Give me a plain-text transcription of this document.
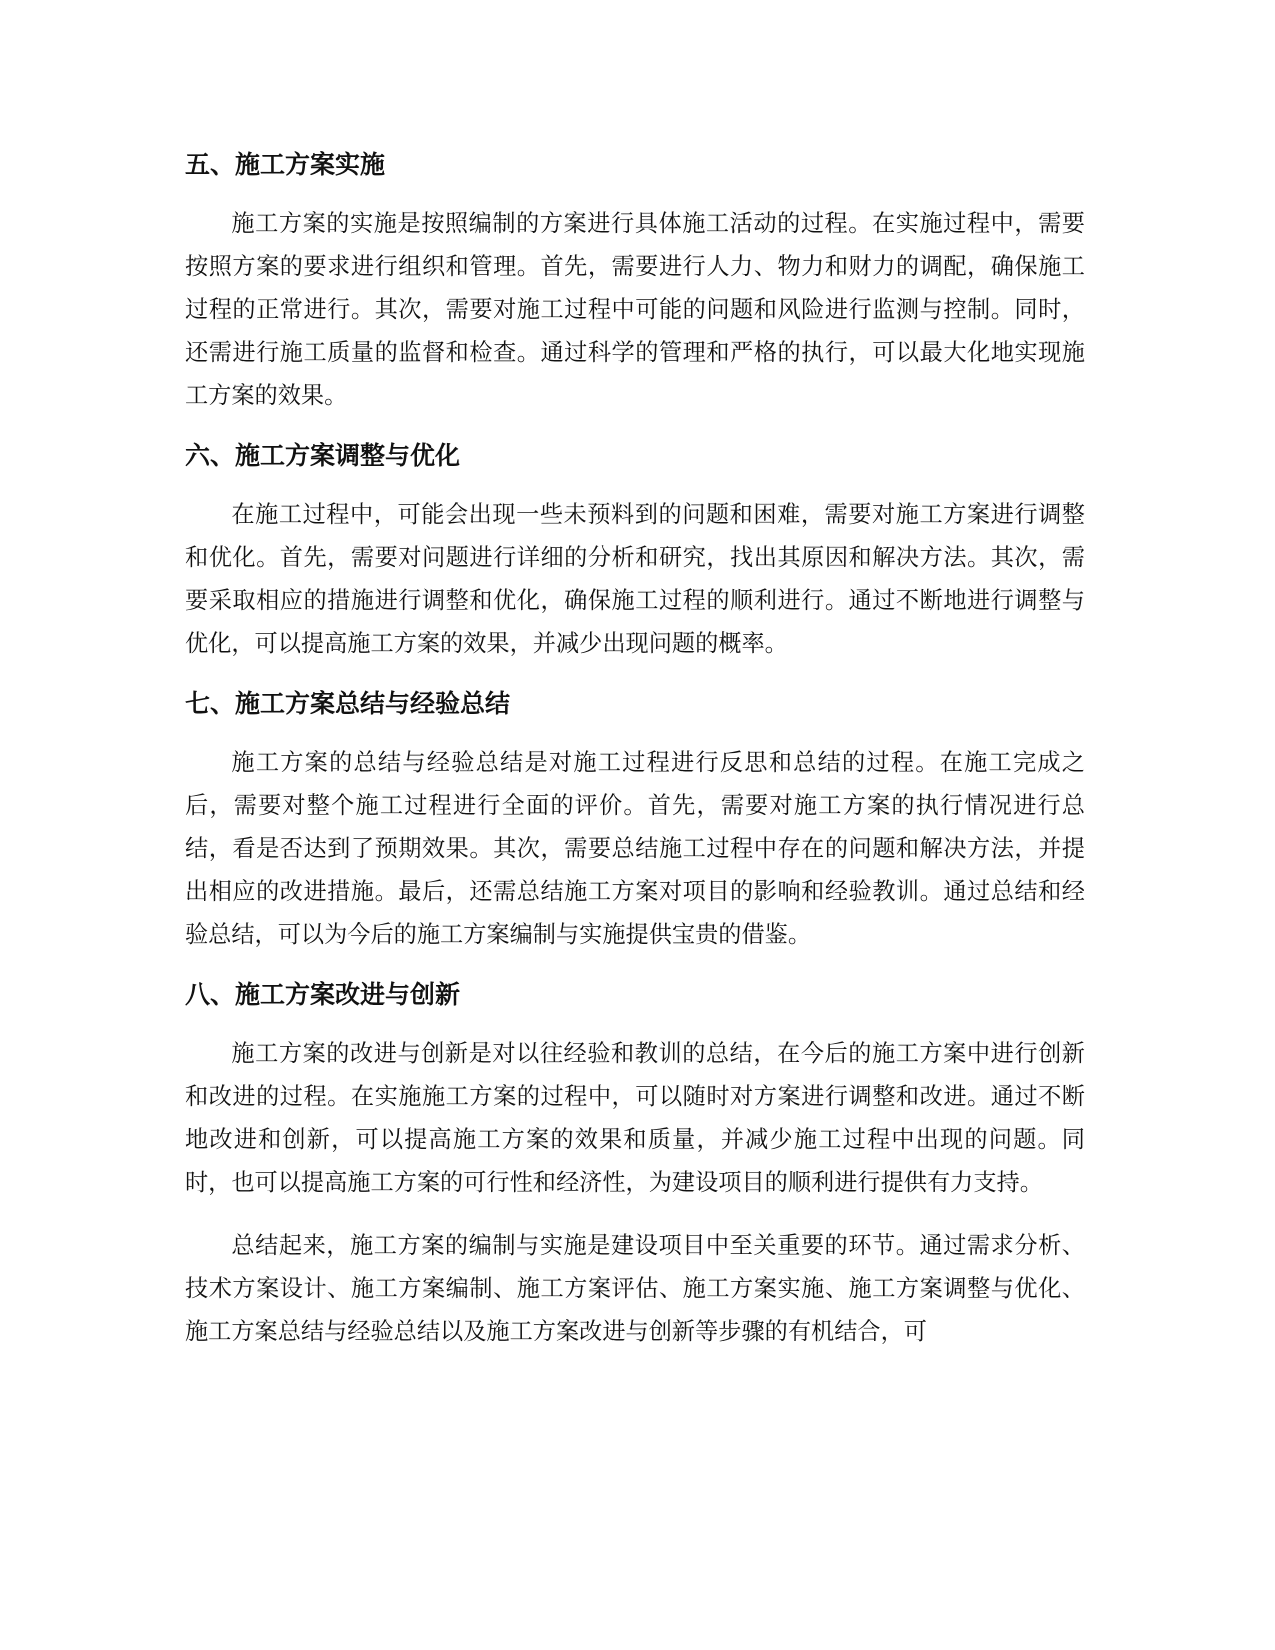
五、施工方案实施

施工方案的实施是按照编制的方案进行具体施工活动的过程。在实施过程中，需要按照方案的要求进行组织和管理。首先，需要进行人力、物力和财力的调配，确保施工过程的正常进行。其次，需要对施工过程中可能的问题和风险进行监测与控制。同时，还需进行施工质量的监督和检查。通过科学的管理和严格的执行，可以最大化地实现施工方案的效果。

六、施工方案调整与优化

在施工过程中，可能会出现一些未预料到的问题和困难，需要对施工方案进行调整和优化。首先，需要对问题进行详细的分析和研究，找出其原因和解决方法。其次，需要采取相应的措施进行调整和优化，确保施工过程的顺利进行。通过不断地进行调整与优化，可以提高施工方案的效果，并减少出现问题的概率。

七、施工方案总结与经验总结

施工方案的总结与经验总结是对施工过程进行反思和总结的过程。在施工完成之后，需要对整个施工过程进行全面的评价。首先，需要对施工方案的执行情况进行总结，看是否达到了预期效果。其次，需要总结施工过程中存在的问题和解决方法，并提出相应的改进措施。最后，还需总结施工方案对项目的影响和经验教训。通过总结和经验总结，可以为今后的施工方案编制与实施提供宝贵的借鉴。

八、施工方案改进与创新

施工方案的改进与创新是对以往经验和教训的总结，在今后的施工方案中进行创新和改进的过程。在实施施工方案的过程中，可以随时对方案进行调整和改进。通过不断地改进和创新，可以提高施工方案的效果和质量，并减少施工过程中出现的问题。同时，也可以提高施工方案的可行性和经济性，为建设项目的顺利进行提供有力支持。

总结起来，施工方案的编制与实施是建设项目中至关重要的环节。通过需求分析、技术方案设计、施工方案编制、施工方案评估、施工方案实施、施工方案调整与优化、施工方案总结与经验总结以及施工方案改进与创新等步骤的有机结合，可
